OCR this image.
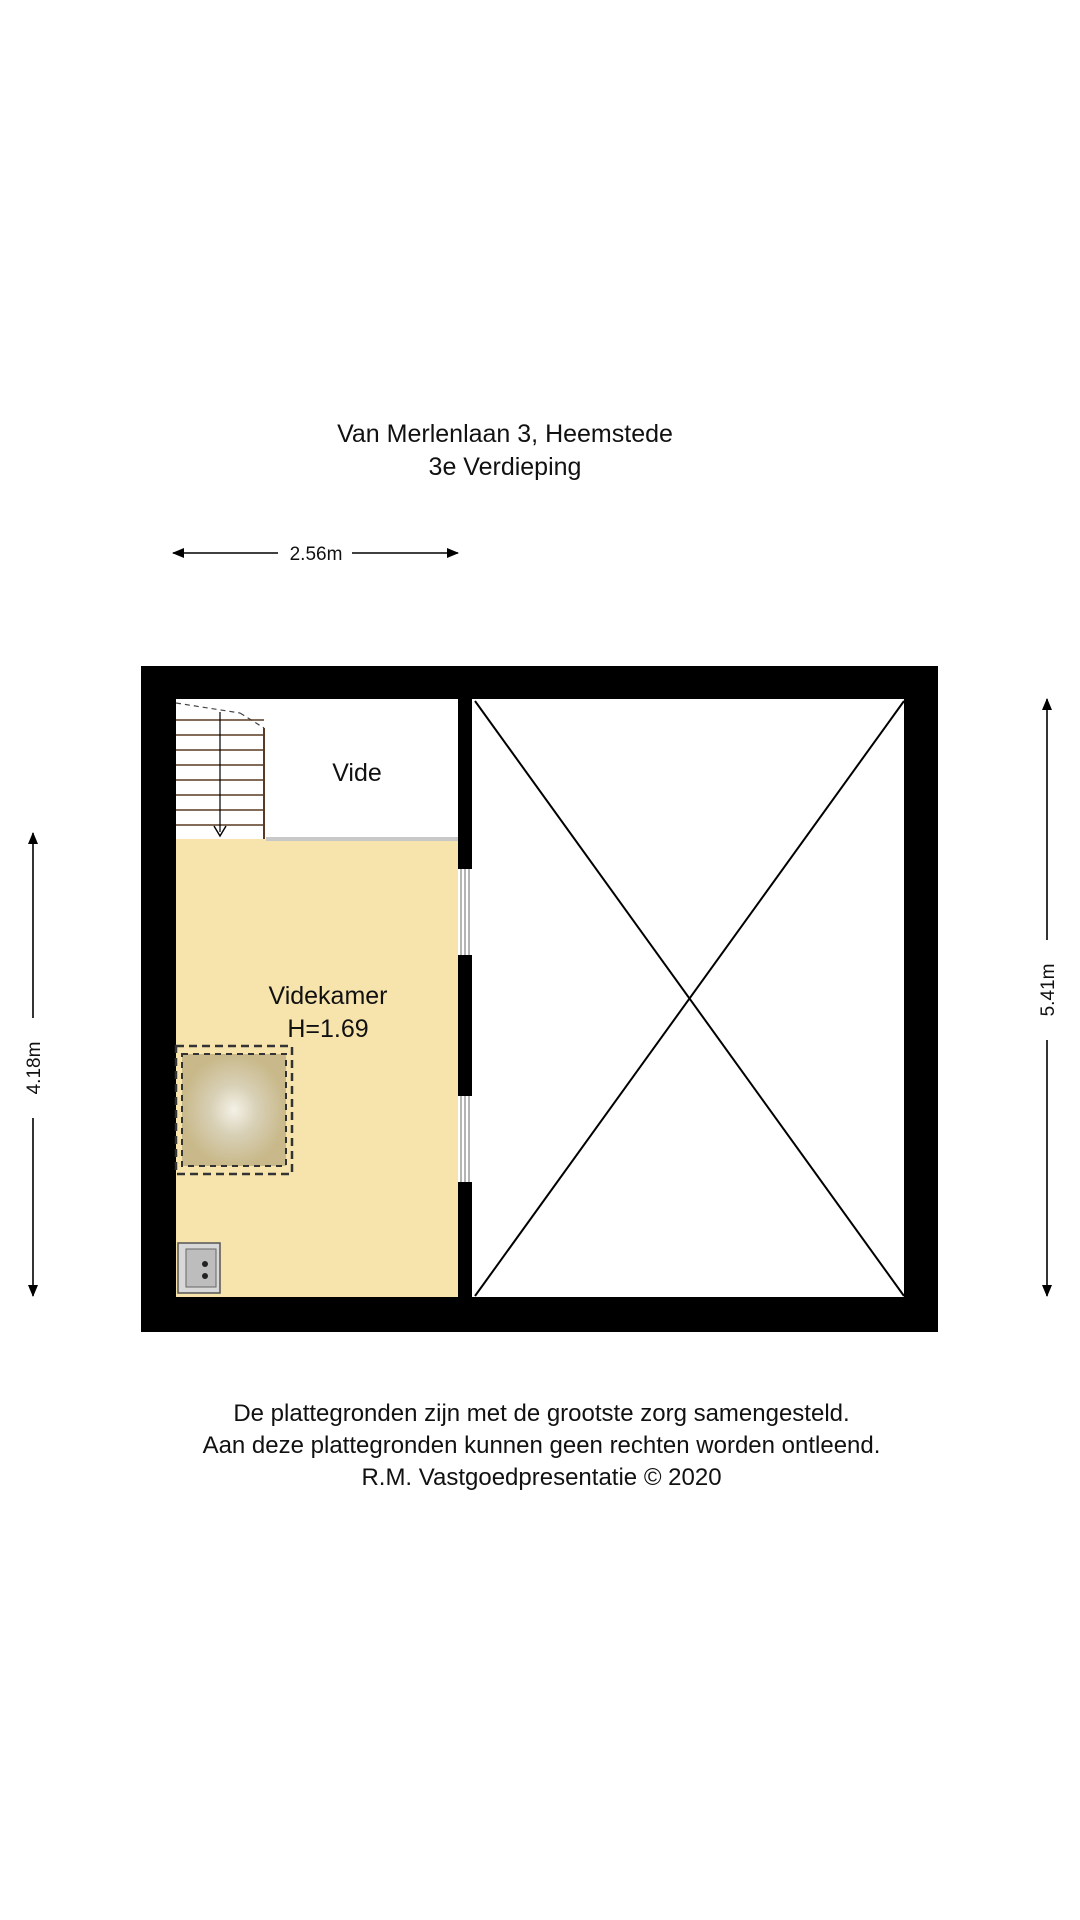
Van Merlenlaan 3, Heemstede
3e Verdieping
2.56m
4.18m
5.41m
Vide
Videkamer
H=1.69
De plattegronden zijn met de grootste zorg samengesteld.
Aan deze plattegronden kunnen geen rechten worden ontleend.
R.M. Vastgoedpresentatie © 2020
